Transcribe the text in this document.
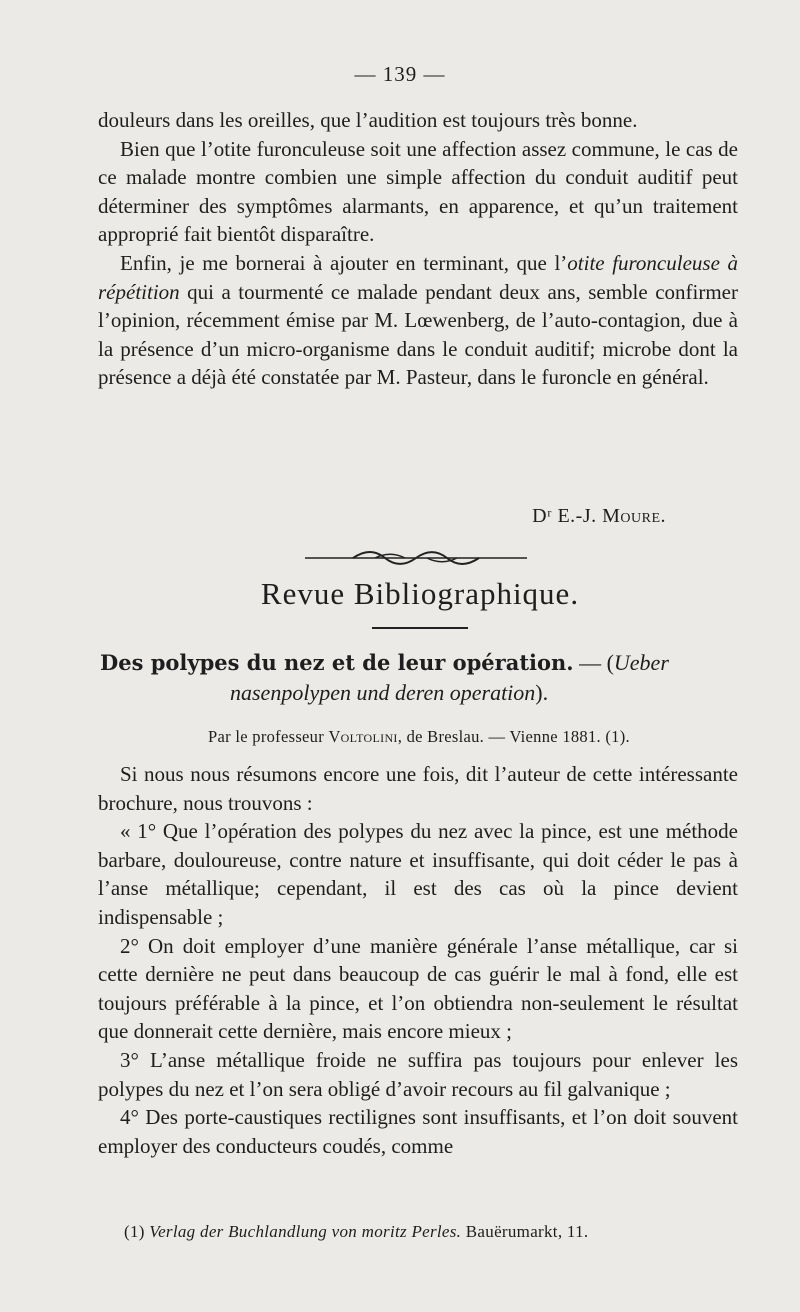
— 139 —

douleurs dans les oreilles, que l’audition est toujours très bonne.

Bien que l’otite furonculeuse soit une affection assez commune, le cas de ce malade montre combien une simple affection du conduit auditif peut déterminer des symptômes alarmants, en apparence, et qu’un traitement approprié fait bientôt disparaître.

Enfin, je me bornerai à ajouter en terminant, que l’otite furonculeuse à répétition qui a tourmenté ce malade pendant deux ans, semble confirmer l’opinion, récemment émise par M. Lœwenberg, de l’auto-contagion, due à la présence d’un micro-organisme dans le conduit auditif; microbe dont la présence a déjà été constatée par M. Pasteur, dans le furoncle en général.

Dʳ E.-J. Moure.
Revue Bibliographique.

Des polypes du nez et de leur opération. — (Ueber
nasenpolypen und deren operation).

Par le professeur Voltolini, de Breslau. — Vienne 1881. (1).

Si nous nous résumons encore une fois, dit l’auteur de cette intéressante brochure, nous trouvons :

« 1° Que l’opération des polypes du nez avec la pince, est une méthode barbare, douloureuse, contre nature et insuffisante, qui doit céder le pas à l’anse métallique; cependant, il est des cas où la pince devient indispensable ;

2° On doit employer d’une manière générale l’anse métallique, car si cette dernière ne peut dans beaucoup de cas guérir le mal à fond, elle est toujours préférable à la pince, et l’on obtiendra non-seulement le résultat que donnerait cette dernière, mais encore mieux ;

3° L’anse métallique froide ne suffira pas toujours pour enlever les polypes du nez et l’on sera obligé d’avoir recours au fil galvanique ;

4° Des porte-caustiques rectilignes sont insuffisants, et l’on doit souvent employer des conducteurs coudés, comme

(1) Verlag der Buchlandlung von moritz Perles. Bauërumarkt, 11.
